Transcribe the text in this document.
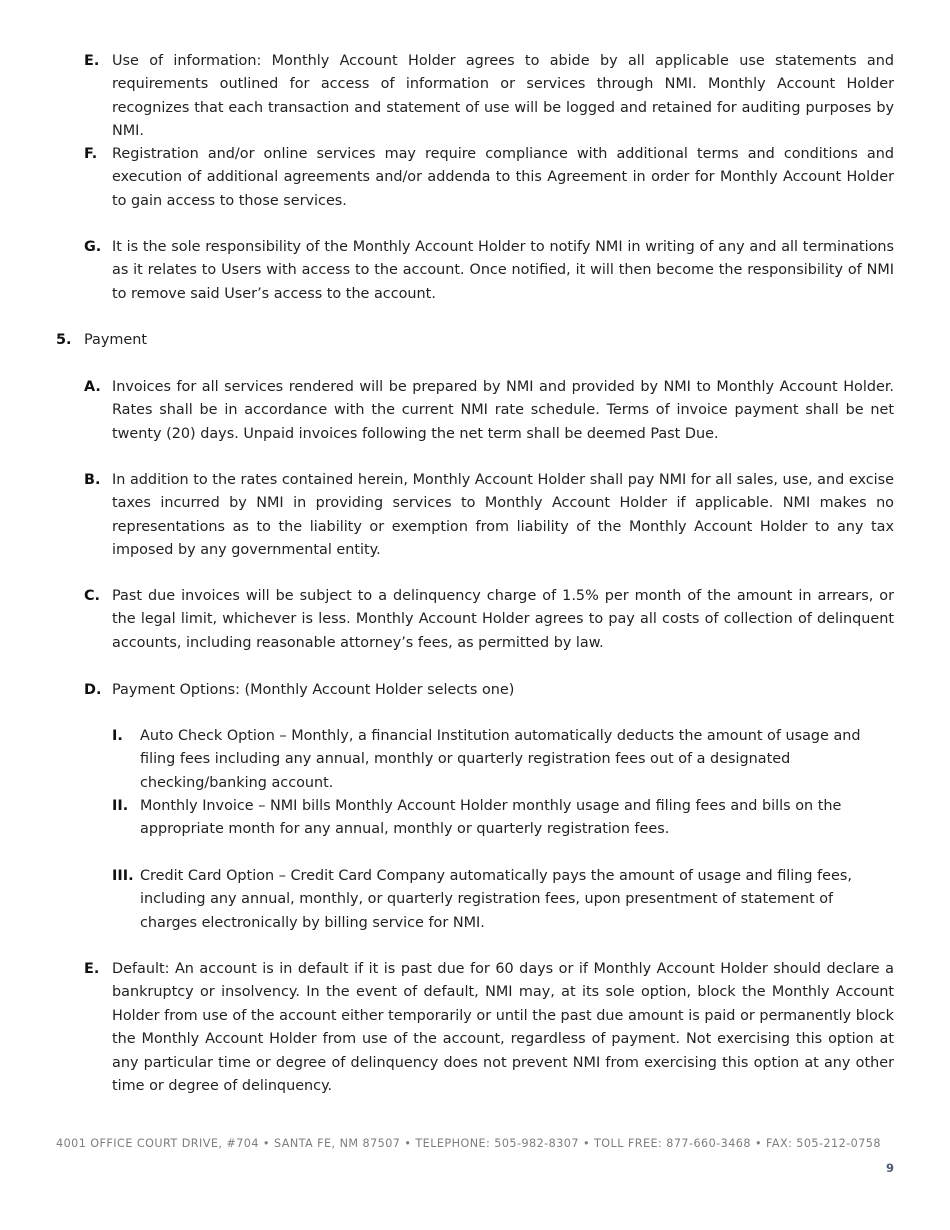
E. Use of information: Monthly Account Holder agrees to abide by all applicable use statements and requirements outlined for access of information or services through NMI. Monthly Account Holder recognizes that each transaction and statement of use will be logged and retained for auditing purposes by NMI.
F.	Registration and/or online services may require compliance with additional terms and conditions and execution of additional agreements and/or addenda to this Agreement in order for Monthly Account Holder to gain access to those services.
G. It is the sole responsibility of the Monthly Account Holder to notify NMI in writing of any and all terminations as it relates to Users with access to the account. Once notified, it will then become the responsibility of NMI to remove said User’s access to the account.
5. Payment
A. Invoices for all services rendered will be prepared by NMI and provided by NMI to Monthly Account Holder. Rates shall be in accordance with the current NMI rate schedule. Terms of invoice payment shall be net twenty (20) days. Unpaid invoices following the net term shall be deemed Past Due.
B. In addition to the rates contained herein, Monthly Account Holder shall pay NMI for all sales, use, and excise taxes incurred by NMI in providing services to Monthly Account Holder if applicable. NMI makes no representations as to the liability or exemption from liability of the Monthly Account Holder to any tax imposed by any governmental entity.
C. Past due invoices will be subject to a delinquency charge of 1.5% per month of the amount in arrears, or the legal limit, whichever is less. Monthly Account Holder agrees to pay all costs of collection of delinquent accounts, including reasonable attorney’s fees, as permitted by law.
D. Payment Options: (Monthly Account Holder selects one)
I.	Auto Check Option – Monthly, a financial Institution automatically deducts the amount of usage and filing fees including any annual, monthly or quarterly registration fees out of a designated checking/banking account.
II. Monthly Invoice – NMI bills Monthly Account Holder monthly usage and filing fees and bills on the appropriate month for any annual, monthly or quarterly registration fees.
III. Credit Card Option – Credit Card Company automatically pays the amount of usage and filing fees, including any annual, monthly, or quarterly registration fees, upon presentment of statement of charges electronically by billing service for NMI.
E. Default: An account is in default if it is past due for 60 days or if Monthly Account Holder should declare a bankruptcy or insolvency. In the event of default, NMI may, at its sole option, block the Monthly Account Holder from use of the account either temporarily or until the past due amount is paid or permanently block the Monthly Account Holder from use of the account, regardless of payment. Not exercising this option at any particular time or degree of delinquency does not prevent NMI from exercising this option at any other time or degree of delinquency.
4001 OFFICE COURT DRIVE, #704 • SANTA FE, NM 87507 • TELEPHONE: 505-982-8307 • TOLL FREE: 877-660-3468 • FAX: 505-212-0758
9
